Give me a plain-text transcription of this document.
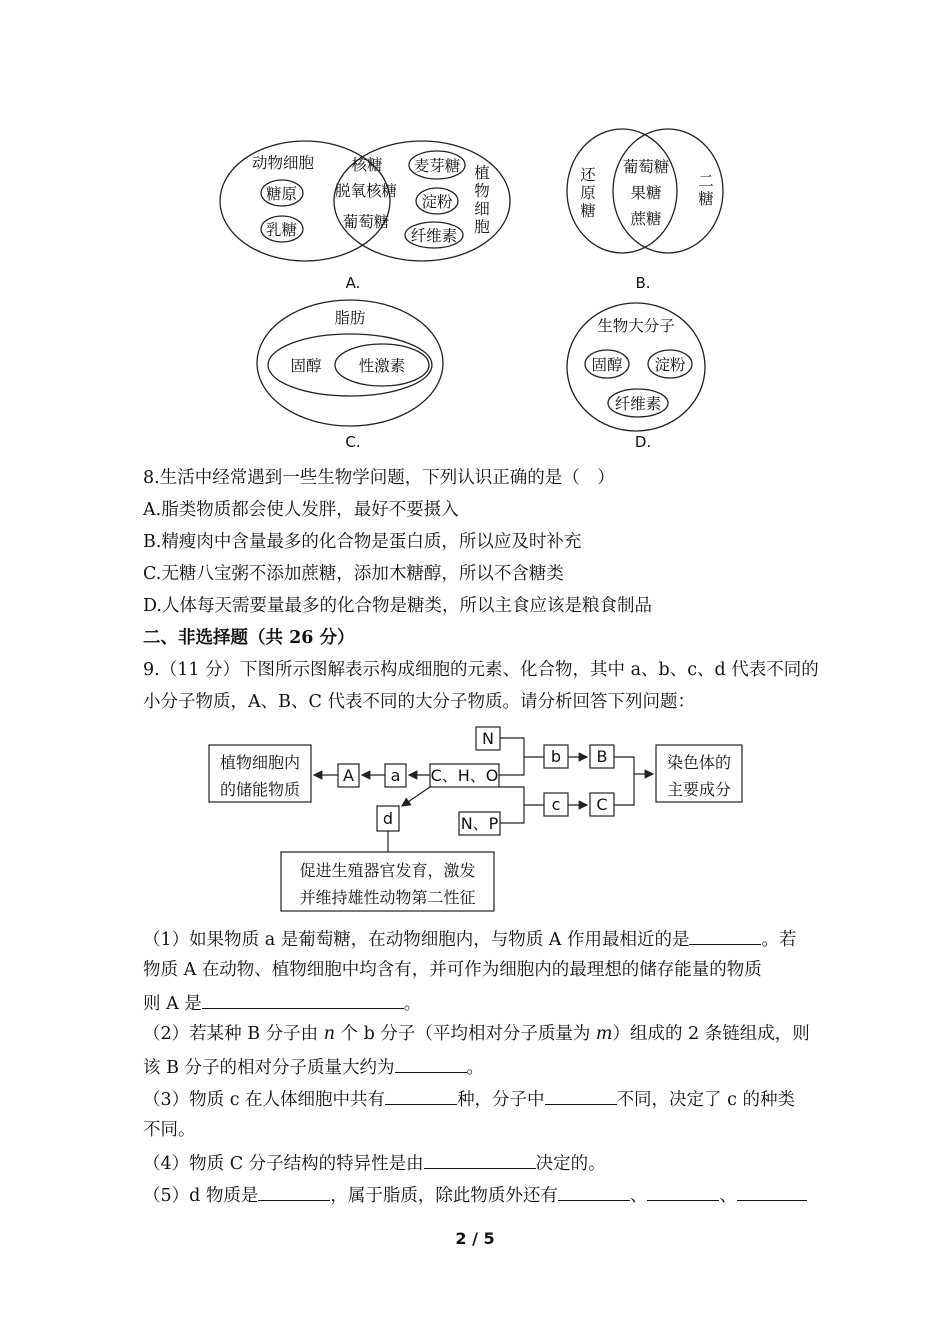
动物细胞
糖原
乳糖
核糖
脱氧核糖
葡萄糖
麦芽糖
淀粉
纤维素
植
物
细
胞
A.
还
原
糖
葡萄糖
果糖
蔗糖
二
糖
B.
脂肪
固醇 性激素
C.
生物大分子
固醇 淀粉
纤维素
D.
8.生活中经常遇到一些生物学问题，下列认识正确的是（　）
A.脂类物质都会使人发胖，最好不要摄入
B.精瘦肉中含量最多的化合物是蛋白质，所以应及时补充
C.无糖八宝粥不添加蔗糖，添加木糖醇，所以不含糖类
D.人体每天需要量最多的化合物是糖类，所以主食应该是粮食制品
二、非选择题（共 26 分）
9.（11 分）下图所示图解表示构成细胞的元素、化合物，其中 a、b、c、d 代表不同的
小分子物质，A、B、C 代表不同的大分子物质。请分析回答下列问题：
植物细胞内
的储能物质
A a C、H、O
N
N、P
b B
c C
染色体的
主要成分
d
促进生殖器官发育，激发
并维持雄性动物第二性征
（1）如果物质 a 是葡萄糖，在动物细胞内，与物质 A 作用最相近的是	。若
物质 A 在动物、植物细胞中均含有，并可作为细胞内的最理想的储存能量的物质
则 A 是	。
（2）若某种 B 分子由 n 个 b 分子（平均相对分子质量为 m）组成的 2 条链组成，则
该 B 分子的相对分子质量大约为	。
（3）物质 c 在人体细胞中共有	种，分子中	不同，决定了 c 的种类
不同。
（4）物质 C 分子结构的特异性是由	决定的。
（5）d 物质是	，属于脂质，除此物质外还有	、	、
2 / 5
